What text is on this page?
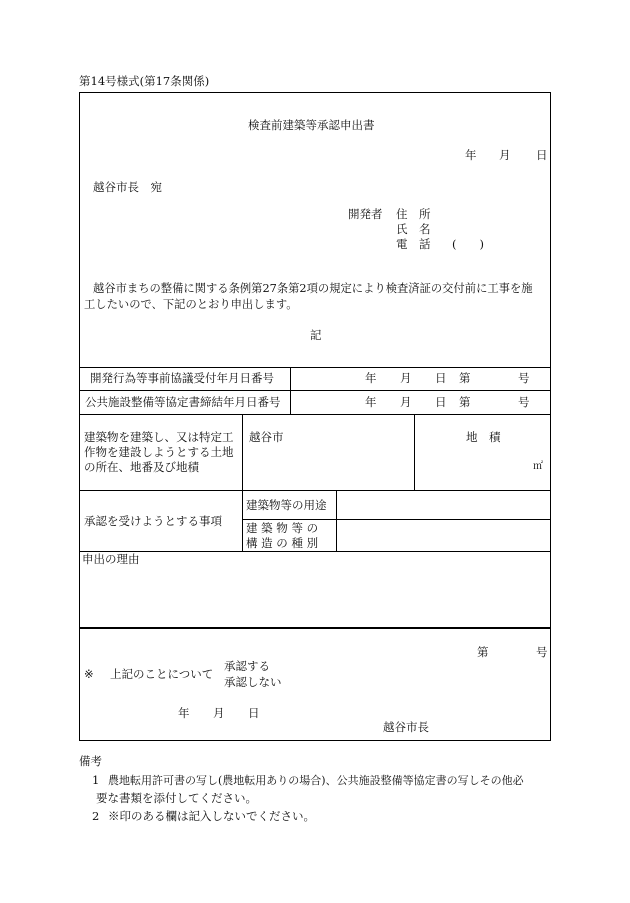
第14号様式(第17条関係)
検査前建築等承認申出書
年 月 日
越谷市長　宛
開発者 住　所
氏　名
電　話 (　　)
越谷市まちの整備に関する条例第27条第2項の規定により検査済証の交付前に工事を施
工したいので、下記のとおり申出します。
記
開発行為等事前協議受付年月日番号	年 月 日 第	号
公共施設整備等協定書締結年月日番号	年 月 日 第	号
建築物を建築し、又は特定工
作物を建設しようとする土地
の所在、地番及び地積
越谷市	地　積
㎡
承認を受けようとする事項
建築物等の用途
建 築 物 等 の
構 造 の 種 別
申出の理由
第	号
※ 上記のことについて
承認する
承認しない
年 月 日
越谷市長
備考
1 農地転用許可書の写し(農地転用ありの場合)、公共施設整備等協定書の写しその他必
要な書類を添付してください。
2 ※印のある欄は記入しないでください。
